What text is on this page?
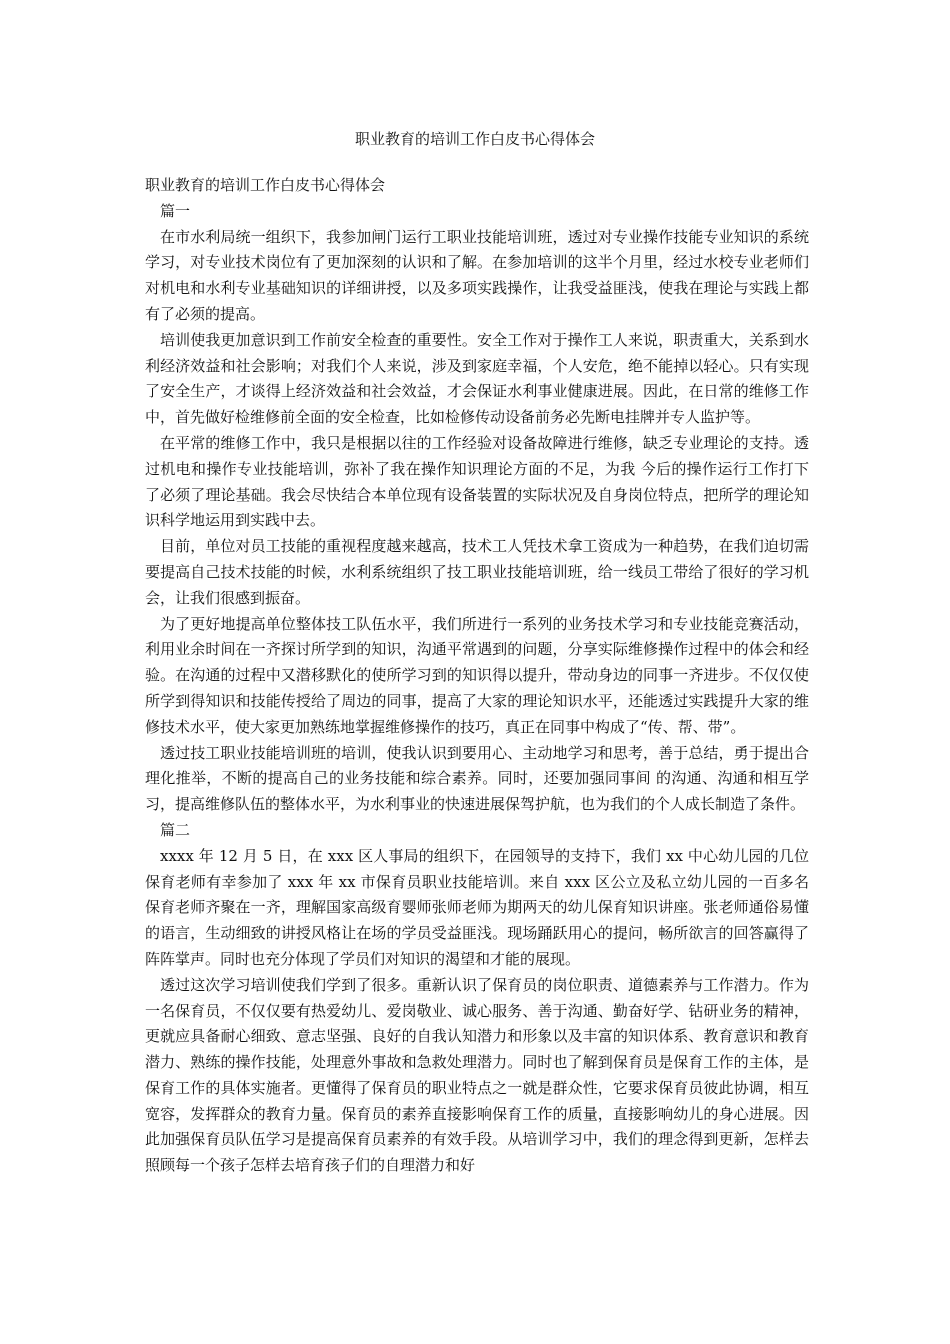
职业教育的培训工作白皮书心得体会

职业教育的培训工作白皮书心得体会

篇一

在市水利局统一组织下，我参加闸门运行工职业技能培训班，透过对专业操作技能专业知识的系统学习，对专业技术岗位有了更加深刻的认识和了解。在参加培训的这半个月里，经过水校专业老师们对机电和水利专业基础知识的详细讲授，以及多项实践操作，让我受益匪浅，使我在理论与实践上都有了必须的提高。

培训使我更加意识到工作前安全检查的重要性。安全工作对于操作工人来说，职责重大，关系到水利经济效益和社会影响；对我们个人来说，涉及到家庭幸福，个人安危，绝不能掉以轻心。只有实现了安全生产，才谈得上经济效益和社会效益，才会保证水利事业健康进展。因此，在日常的维修工作中，首先做好检维修前全面的安全检查，比如检修传动设备前务必先断电挂牌并专人监护等。

在平常的维修工作中，我只是根据以往的工作经验对设备故障进行维修，缺乏专业理论的支持。透过机电和操作专业技能培训，弥补了我在操作知识理论方面的不足，为我 今后的操作运行工作打下了必须了理论基础。我会尽快结合本单位现有设备装置的实际状况及自身岗位特点，把所学的理论知识科学地运用到实践中去。

目前，单位对员工技能的重视程度越来越高，技术工人凭技术拿工资成为一种趋势，在我们迫切需要提高自己技术技能的时候，水利系统组织了技工职业技能培训班，给一线员工带给了很好的学习机会，让我们很感到振奋。

为了更好地提高单位整体技工队伍水平，我们所进行一系列的业务技术学习和专业技能竞赛活动，利用业余时间在一齐探讨所学到的知识，沟通平常遇到的问题，分享实际维修操作过程中的体会和经验。在沟通的过程中又潜移默化的使所学习到的知识得以提升，带动身边的同事一齐进步。不仅仅使所学到得知识和技能传授给了周边的同事，提高了大家的理论知识水平，还能透过实践提升大家的维修技术水平，使大家更加熟练地掌握维修操作的技巧，真正在同事中构成了“传、帮、带”。

透过技工职业技能培训班的培训，使我认识到要用心、主动地学习和思考，善于总结，勇于提出合理化推举，不断的提高自己的业务技能和综合素养。同时，还要加强同事间 的沟通、沟通和相互学习，提高维修队伍的整体水平，为水利事业的快速进展保驾护航，也为我们的个人成长制造了条件。

篇二

xxxx 年 12 月 5 日，在 xxx 区人事局的组织下，在园领导的支持下，我们 xx 中心幼儿园的几位保育老师有幸参加了 xxx 年 xx 市保育员职业技能培训。来自 xxx 区公立及私立幼儿园的一百多名保育老师齐聚在一齐，理解国家高级育婴师张师老师为期两天的幼儿保育知识讲座。张老师通俗易懂的语言，生动细致的讲授风格让在场的学员受益匪浅。现场踊跃用心的提问，畅所欲言的回答赢得了阵阵掌声。同时也充分体现了学员们对知识的渴望和才能的展现。

透过这次学习培训使我们学到了很多。重新认识了保育员的岗位职责、道德素养与工作潜力。作为一名保育员，不仅仅要有热爱幼儿、爱岗敬业、诚心服务、善于沟通、勤奋好学、钻研业务的精神，更就应具备耐心细致、意志坚强、良好的自我认知潜力和形象以及丰富的知识体系、教育意识和教育潜力、熟练的操作技能，处理意外事故和急救处理潜力。同时也了解到保育员是保育工作的主体，是保育工作的具体实施者。更懂得了保育员的职业特点之一就是群众性，它要求保育员彼此协调，相互宽容，发挥群众的教育力量。保育员的素养直接影响保育工作的质量，直接影响幼儿的身心进展。因此加强保育员队伍学习是提高保育员素养的有效手段。从培训学习中，我们的理念得到更新，怎样去照顾每一个孩子怎样去培育孩子们的自理潜力和好
